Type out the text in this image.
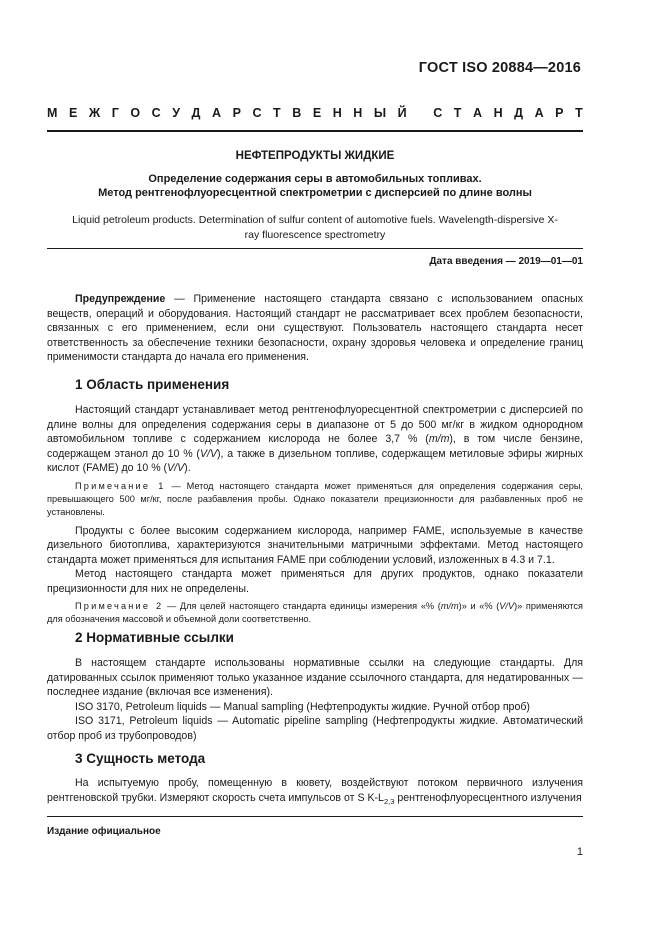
ГОСТ ISO 20884—2016
М Е Ж Г О С У Д А Р С Т В Е Н Н Ы Й
С Т А Н Д А Р Т
НЕФТЕПРОДУКТЫ ЖИДКИЕ
Определение содержания серы в автомобильных топливах.
Метод рентгенофлуоресцентной спектрометрии с дисперсией по длине волны
Liquid petroleum products. Determination of sulfur content of automotive fuels. Wavelength-dispersive X-ray fluorescence spectrometry
Дата введения — 2019—01—01

Предупреждение — Применение настоящего стандарта связано с использованием опасных веществ, операций и оборудования. Настоящий стандарт не рассматривает всех проблем безопасности, связанных с его применением, если они существуют. Пользователь настоящего стандарта несет ответственность за обеспечение техники безопасности, охрану здоровья человека и определение границ применимости стандарта до начала его применения.

1 Область применения

Настоящий стандарт устанавливает метод рентгенофлуоресцентной спектрометрии с дисперсией по длине волны для определения содержания серы в диапазоне от 5 до 500 мг/кг в жидком однородном автомобильном топливе с содержанием кислорода не более 3,7 % (m/m), в том числе бензине, содержащем этанол до 10 % (V/V), а также в дизельном топливе, содержащем метиловые эфиры жирных кислот (FAME) до 10 % (V/V).

Примечание 1 — Метод настоящего стандарта может применяться для определения содержания серы, превышающего 500 мг/кг, после разбавления пробы. Однако показатели прецизионности для разбавленных проб не установлены.

Продукты с более высоким содержанием кислорода, например FAME, используемые в качестве дизельного биотоплива, характеризуются значительными матричными эффектами. Метод настоящего стандарта может применяться для испытания FAME при соблюдении условий, изложенных в 4.3 и 7.1.

Метод настоящего стандарта может применяться для других продуктов, однако показатели прецизионности для них не определены.

Примечание 2 — Для целей настоящего стандарта единицы измерения «% (m/m)» и «% (V/V)» применяются для обозначения массовой и объемной доли соответственно.

2 Нормативные ссылки

В настоящем стандарте использованы нормативные ссылки на следующие стандарты. Для датированных ссылок применяют только указанное издание ссылочного стандарта, для недатированных — последнее издание (включая все изменения).

ISO 3170, Petroleum liquids — Manual sampling (Нефтепродукты жидкие. Ручной отбор проб)

ISO 3171, Petroleum liquids — Automatic pipeline sampling (Нефтепродукты жидкие. Автоматический отбор проб из трубопроводов)

3 Сущность метода

На испытуемую пробу, помещенную в кювету, воздействуют потоком первичного излучения рентгеновской трубки. Измеряют скорость счета импульсов от S $K-L_{2,3}$ рентгенофлуоресцентного излучения

Издание официальное
1
